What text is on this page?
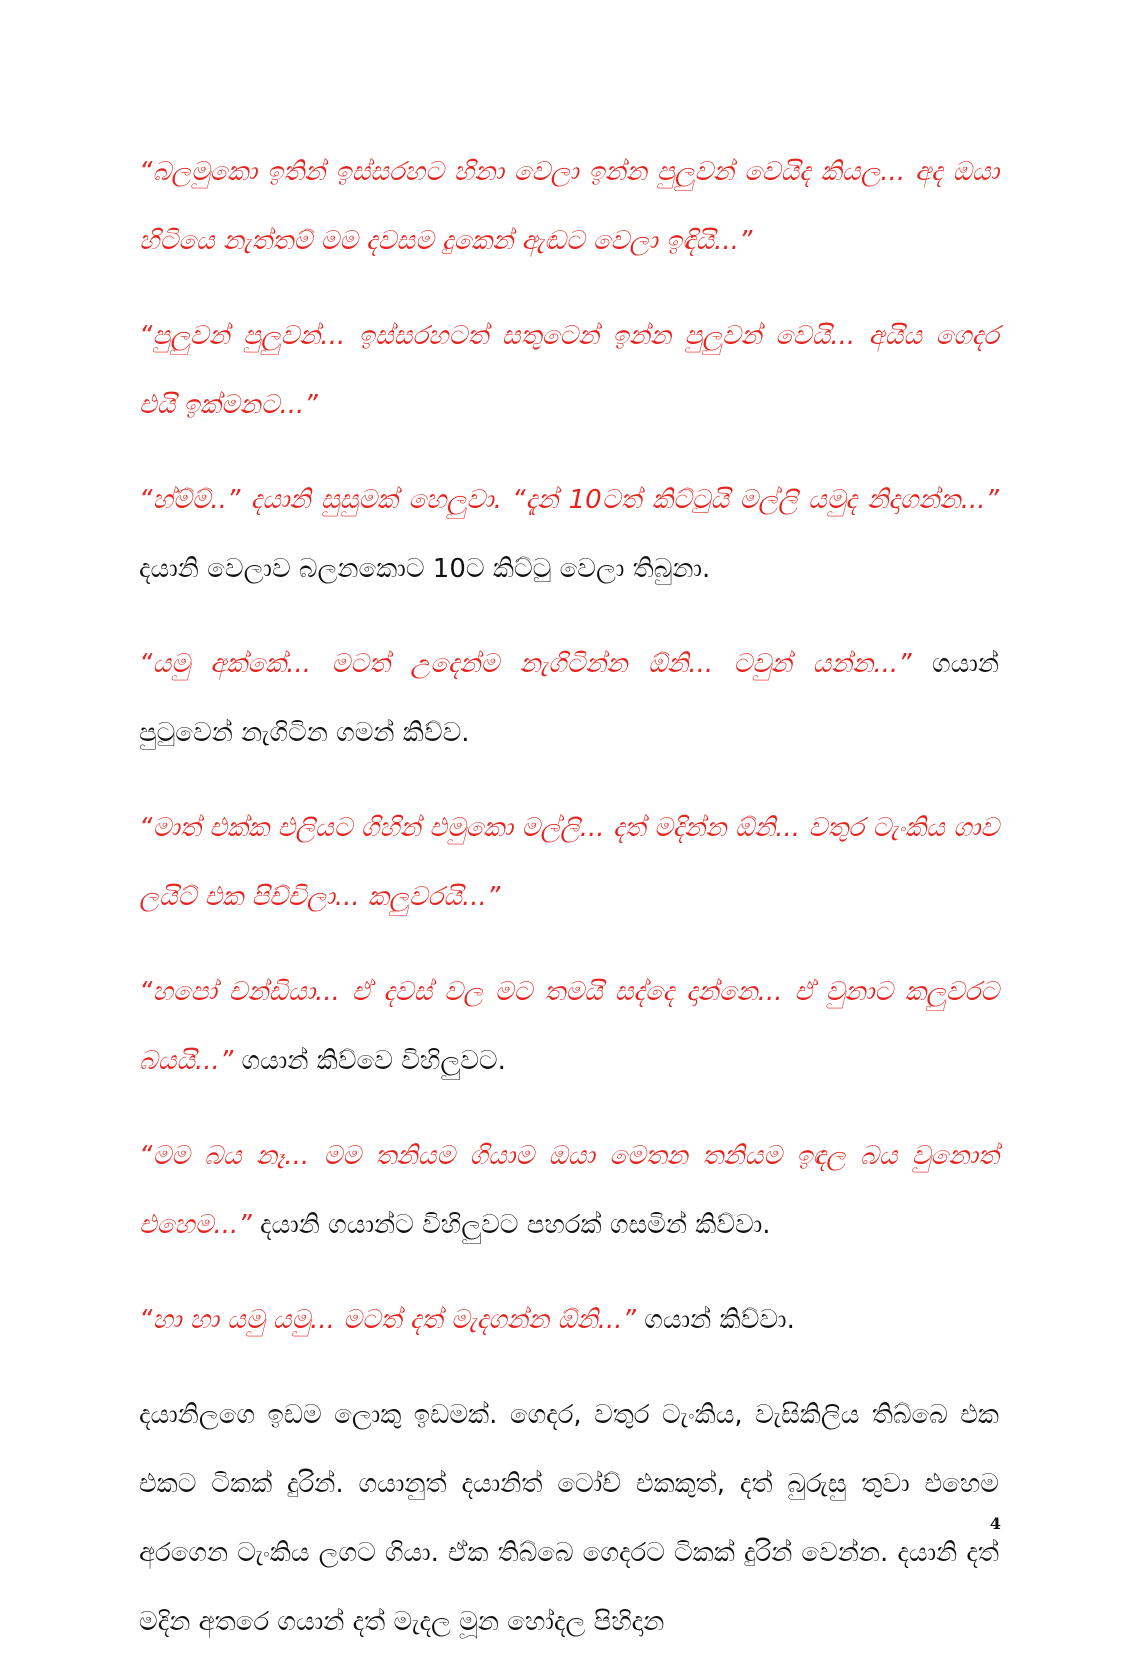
“බලමුකො ඉතින් ඉස්සරහට හිනා වෙලා ඉන්න පුලුවන් වෙයිද කියල... අද ඔයා හිටියෙ නැත්තම් මම දවසම දුකෙන් ඇඬට වෙලා ඉඳියි...”

“පුලුවන් පුලුවන්... ඉස්සරහටත් සතුටෙන් ඉන්න පුලුවන් වෙයි... අයිය ගෙදර එයි ඉක්මනට...”

“හ්ම්ම්..” දයානි සුසුමක් හෙලුවා. “දැන් 10ටත් කිට්ටුයි මල්ලි යමුද නිදාගන්න...” දයානි වෙලාව බලනකොට 10ට කිට්ටු වෙලා තිබුනා.

“යමු අක්කේ... මටත් උදෙන්ම නැගිටින්න ඕනි... ටවුන් යන්න...” ගයාන් පුටුවෙන් නැගිටින ගමන් කිව්ව.

“මාත් එක්ක එලියට ගිහින් එමුකො මල්ලි... දත් මදින්න ඕනි... වතුර ටැංකිය ගාව ලයිට් එක පිච්චිලා... කලුවරයි...”

“හපෝ චන්ඩියා... ඒ දවස් වල මට තමයි සද්දෙ දාන්නෙ... ඒ වුනාට කලුවරට බයයි...” ගයාන් කිව්වෙ විහිලුවට.

“මම බය නෑ... මම තනියම ගියාම ඔයා මෙතන තනියම ඉඳල බය වුනොත් එහෙම...” දයානි ගයාන්ට විහිලුවට පහරක් ගසමින් කිව්වා.

“හා හා යමු යමු... මටත් දත් මැදගන්න ඕනි...” ගයාන් කිව්වා.

දයානිලගෙ ඉඩම ලොකු ඉඩමක්. ගෙදර, වතුර ටැංකිය, වැසිකිලිය තිබ්බෙ එක එකට ටිකක් දුරින්. ගයානුත් දයානිත් ටෝච් එකකුත්, දත් බුරුසු තුවා එහෙම අරගෙන ටැංකිය ලගට ගියා. ඒක තිබ්බෙ ගෙදරට ටිකක් දුරින් වෙන්න. දයානි දත් මදින අතරෙ ගයාන් දත් මැදල මූන හෝදල පිහිදාන

4
